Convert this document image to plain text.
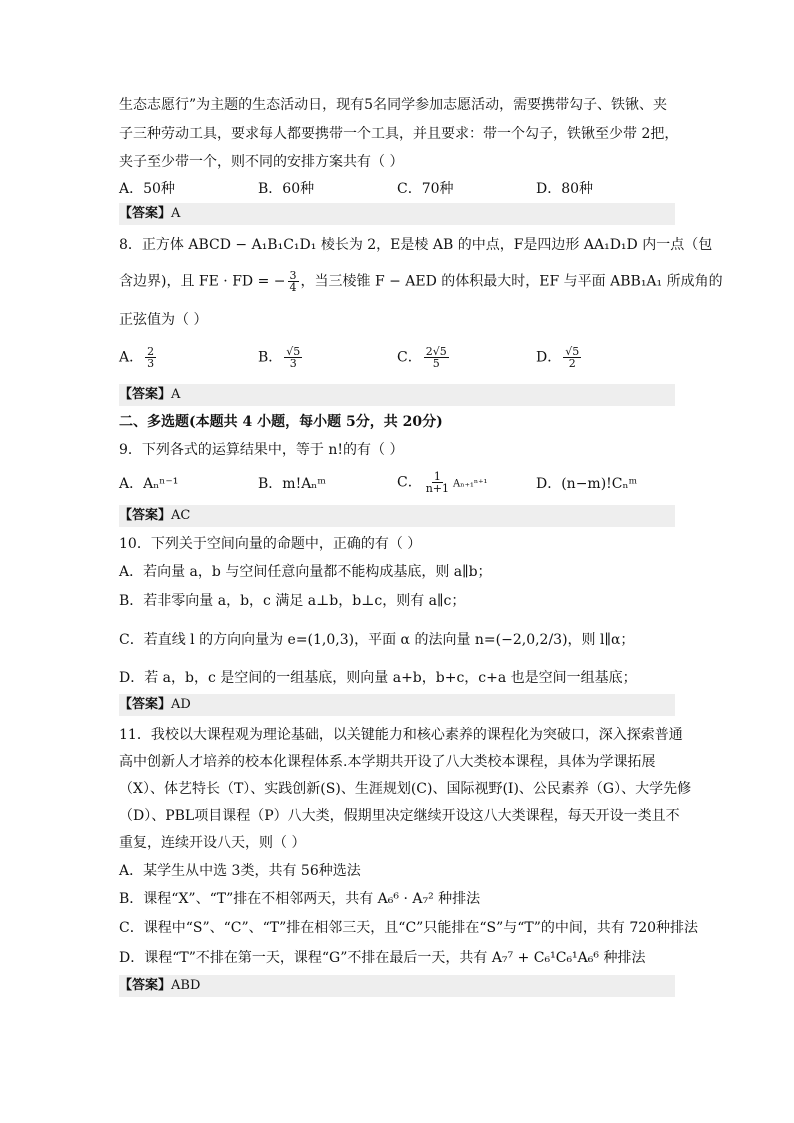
生态志愿行”为主题的生态活动日，现有5名同学参加志愿活动，需要携带勾子、铁锹、夹
子三种劳动工具，要求每人都要携带一个工具，并且要求：带一个勾子，铁锹至少带 2把，
夹子至少带一个，则不同的安排方案共有（ ）
A．50种	B．60种	C．70种	D．80种
【答案】A
8．正方体 ABCD − A₁B₁C₁D₁ 棱长为 2，E是棱 AB 的中点，F是四边形 AA₁D₁D 内一点（包
含边界)，且 FE · FD = − $\frac{3}{4}$ ，当三棱锥 F − AED 的体积最大时，EF 与平面 ABB₁A₁ 所成角的
正弦值为（ ）
A． $\frac{2}{3}$	B． $\frac{√5}{3}$	C． $\frac{2√5}{5}$	D． $\frac{√5}{2}$
【答案】A
二、多选题(本题共 4 小题，每小题 5分，共 20分)
9．下列各式的运算结果中，等于 n!的有（ ）
A．Aₙⁿ⁻¹	B．m!Aₙᵐ	C． $\frac{1}{n+1} A_{n+1}^{n+1}$	D．(n−m)!Cₙᵐ
【答案】AC
10．下列关于空间向量的命题中，正确的有（ ）
A．若向量 a，b 与空间任意向量都不能构成基底，则 a∥b；
B．若非零向量 a，b，c 满足 a⊥b，b⊥c，则有 a∥c；
C．若直线 l 的方向向量为 e=(1,0,3)，平面 α 的法向量 n=(−2,0,2/3)，则 l∥α；
D．若 a，b，c 是空间的一组基底，则向量 a+b，b+c，c+a 也是空间一组基底；
【答案】AD
11．我校以大课程观为理论基础，以关键能力和核心素养的课程化为突破口，深入探索普通
高中创新人才培养的校本化课程体系.本学期共开设了八大类校本课程，具体为学课拓展
（X）、体艺特长（T）、实践创新(S)、生涯规划(C)、国际视野(I)、公民素养（G）、大学先修
（D）、PBL项目课程（P）八大类，假期里决定继续开设这八大类课程，每天开设一类且不
重复，连续开设八天，则（ ）
A．某学生从中选 3类，共有 56种选法
B．课程“X”、“T”排在不相邻两天，共有 A₆⁶ · A₇² 种排法
C．课程中“S”、“C”、“T”排在相邻三天，且“C”只能排在“S”与“T”的中间，共有 720种排法
D．课程“T”不排在第一天，课程“G”不排在最后一天，共有 A₇⁷ + C₆¹C₆¹A₆⁶ 种排法
【答案】ABD
